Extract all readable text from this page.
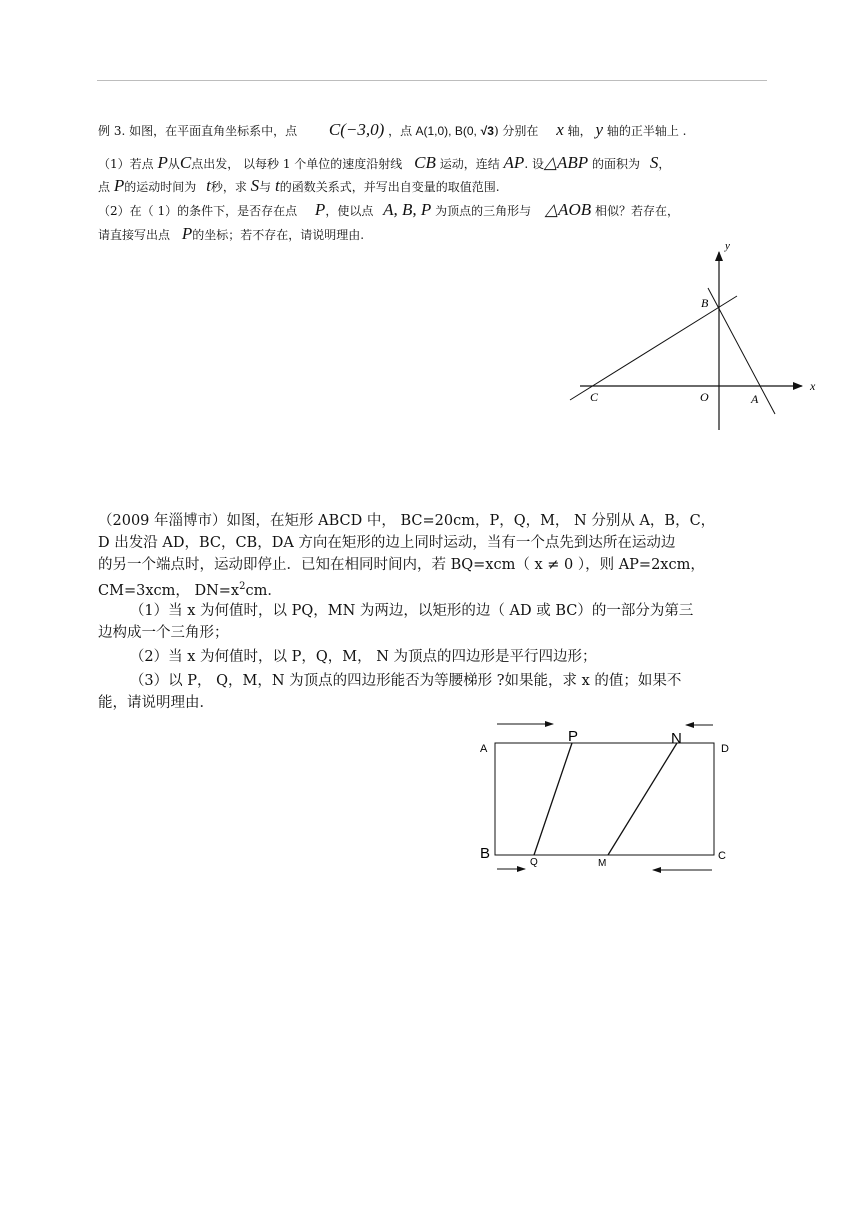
例 3. 如图，在平面直角坐标系中，点 C(−3,0) ，点 A(1,0), B(0, √3) 分别在 x 轴， y 轴的正半轴上 .
（1）若点 P从C点出发， 以每秒 1 个单位的速度沿射线 CB 运动，连结 AP. 设△ABP 的面积为 S，
点 P的运动时间为 t秒，求 S与 t的函数关系式，并写出自变量的取值范围.
（2）在（ 1）的条件下，是否存在点 P，使以点 A, B, P 为顶点的三角形与 △AOB 相似？若存在，
请直接写出点 P的坐标；若不存在，请说明理由.
y
B
x
C	O	A
（2009 年淄博市）如图，在矩形 ABCD 中， BC=20cm，P，Q，M， N 分别从 A，B，C，
D 出发沿 AD，BC，CB，DA 方向在矩形的边上同时运动，当有一个点先到达所在运动边
的另一个端点时，运动即停止．已知在相同时间内，若 BQ=xcm（ x ≠ 0 ），则 AP=2xcm，
CM=3xcm， $DN=x^2cm$．
（1）当 x 为何值时，以 PQ，MN 为两边，以矩形的边（ AD 或 BC）的一部分为第三
边构成一个三角形；
（2）当 x 为何值时，以 P，Q，M， N 为顶点的四边形是平行四边形；
（3）以 P， Q，M，N 为顶点的四边形能否为等腰梯形 ?如果能，求 x 的值；如果不
能，请说明理由．
A
P	N
D
B
Q	M
C
